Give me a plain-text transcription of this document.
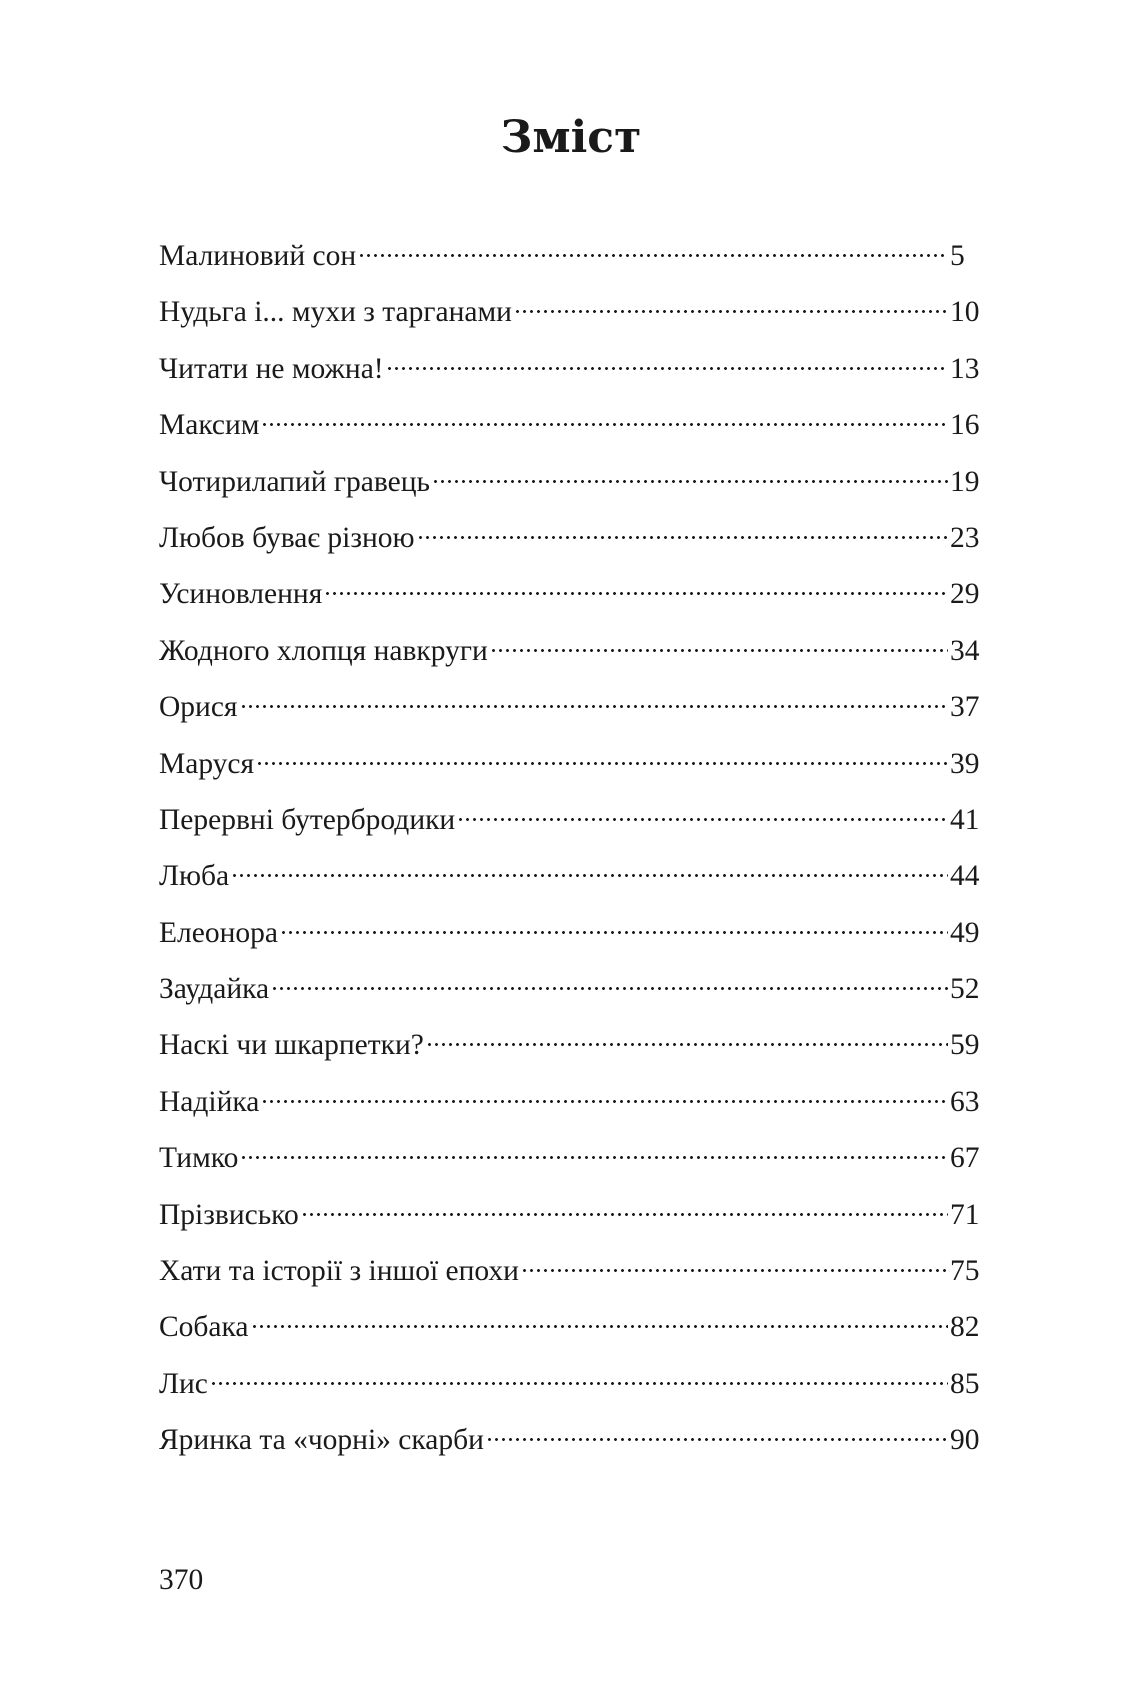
Зміст
Малиновий сон	5
Нудьга і... мухи з тарганами	10
Читати не можна!	13
Максим	16
Чотирилапий гравець	19
Любов буває різною	23
Усиновлення	29
Жодного хлопця навкруги	34
Орися	37
Маруся	39
Перервні бутербродики	41
Люба	44
Елеонора	49
Заудайка	52
Наскі чи шкарпетки?	59
Надійка	63
Тимко	67
Прізвисько	71
Хати та історії з іншої епохи	75
Собака	82
Лис	85
Яринка та «чорні» скарби	90
370
